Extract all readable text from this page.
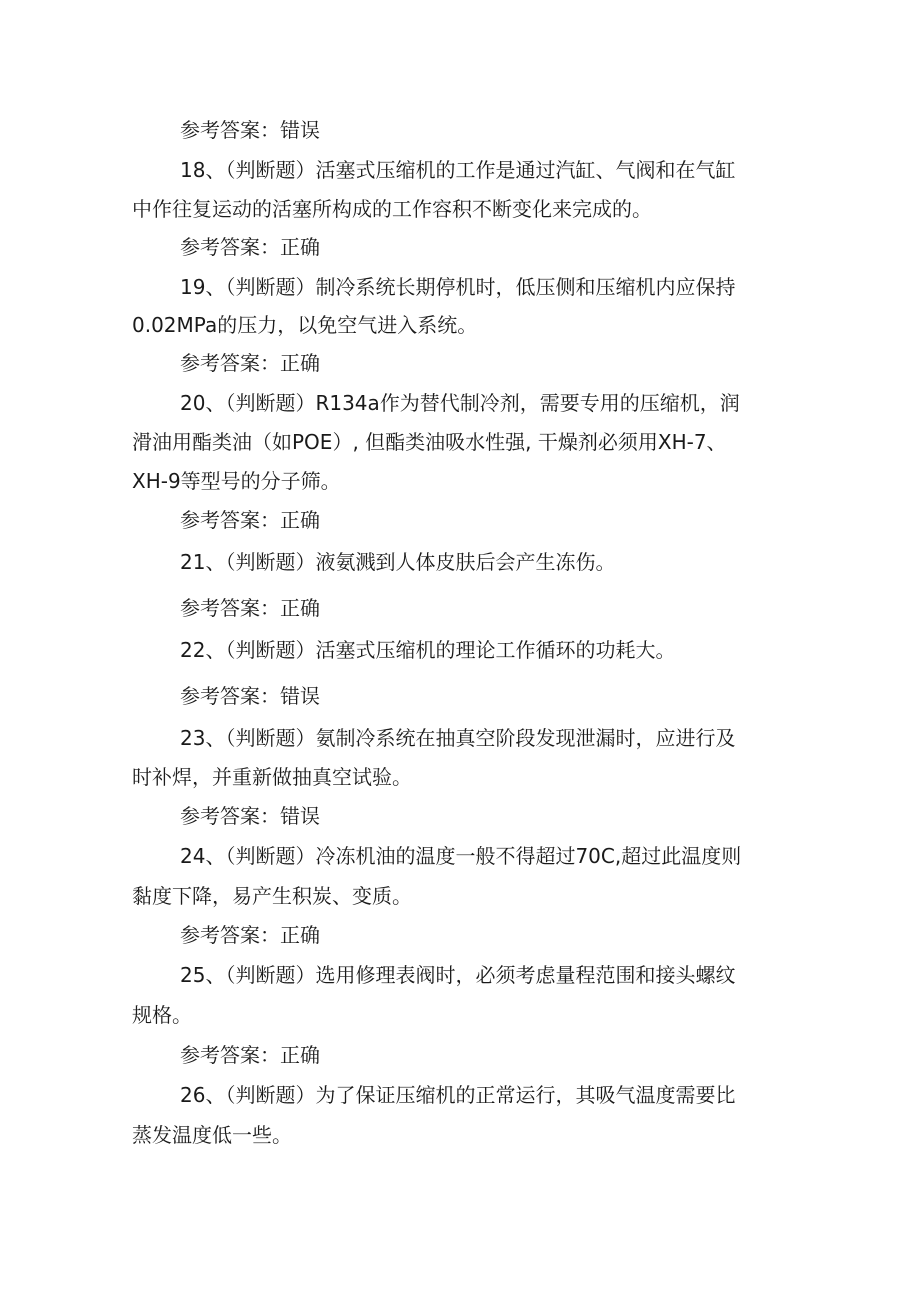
参考答案：错误
18、（判断题）活塞式压缩机的工作是通过汽缸、气阀和在气缸
中作往复运动的活塞所构成的工作容积不断变化来完成的。
参考答案：正确
19、（判断题）制冷系统长期停机时，低压侧和压缩机内应保持
0.02MPa的压力，以免空气进入系统。
参考答案：正确
20、（判断题）R134a作为替代制冷剂，需要专用的压缩机，润
滑油用酯类油（如POE）, 但酯类油吸水性强, 干燥剂必须用XH-7、
XH-9等型号的分子筛。
参考答案：正确
21、（判断题）液氨溅到人体皮肤后会产生冻伤。
参考答案：正确
22、（判断题）活塞式压缩机的理论工作循环的功耗大。
参考答案：错误
23、（判断题）氨制冷系统在抽真空阶段发现泄漏时，应进行及
时补焊，并重新做抽真空试验。
参考答案：错误
24、（判断题）冷冻机油的温度一般不得超过70C,超过此温度则
黏度下降，易产生积炭、变质。
参考答案：正确
25、（判断题）选用修理表阀时，必须考虑量程范围和接头螺纹
规格。
参考答案：正确
26、（判断题）为了保证压缩机的正常运行，其吸气温度需要比
蒸发温度低一些。
